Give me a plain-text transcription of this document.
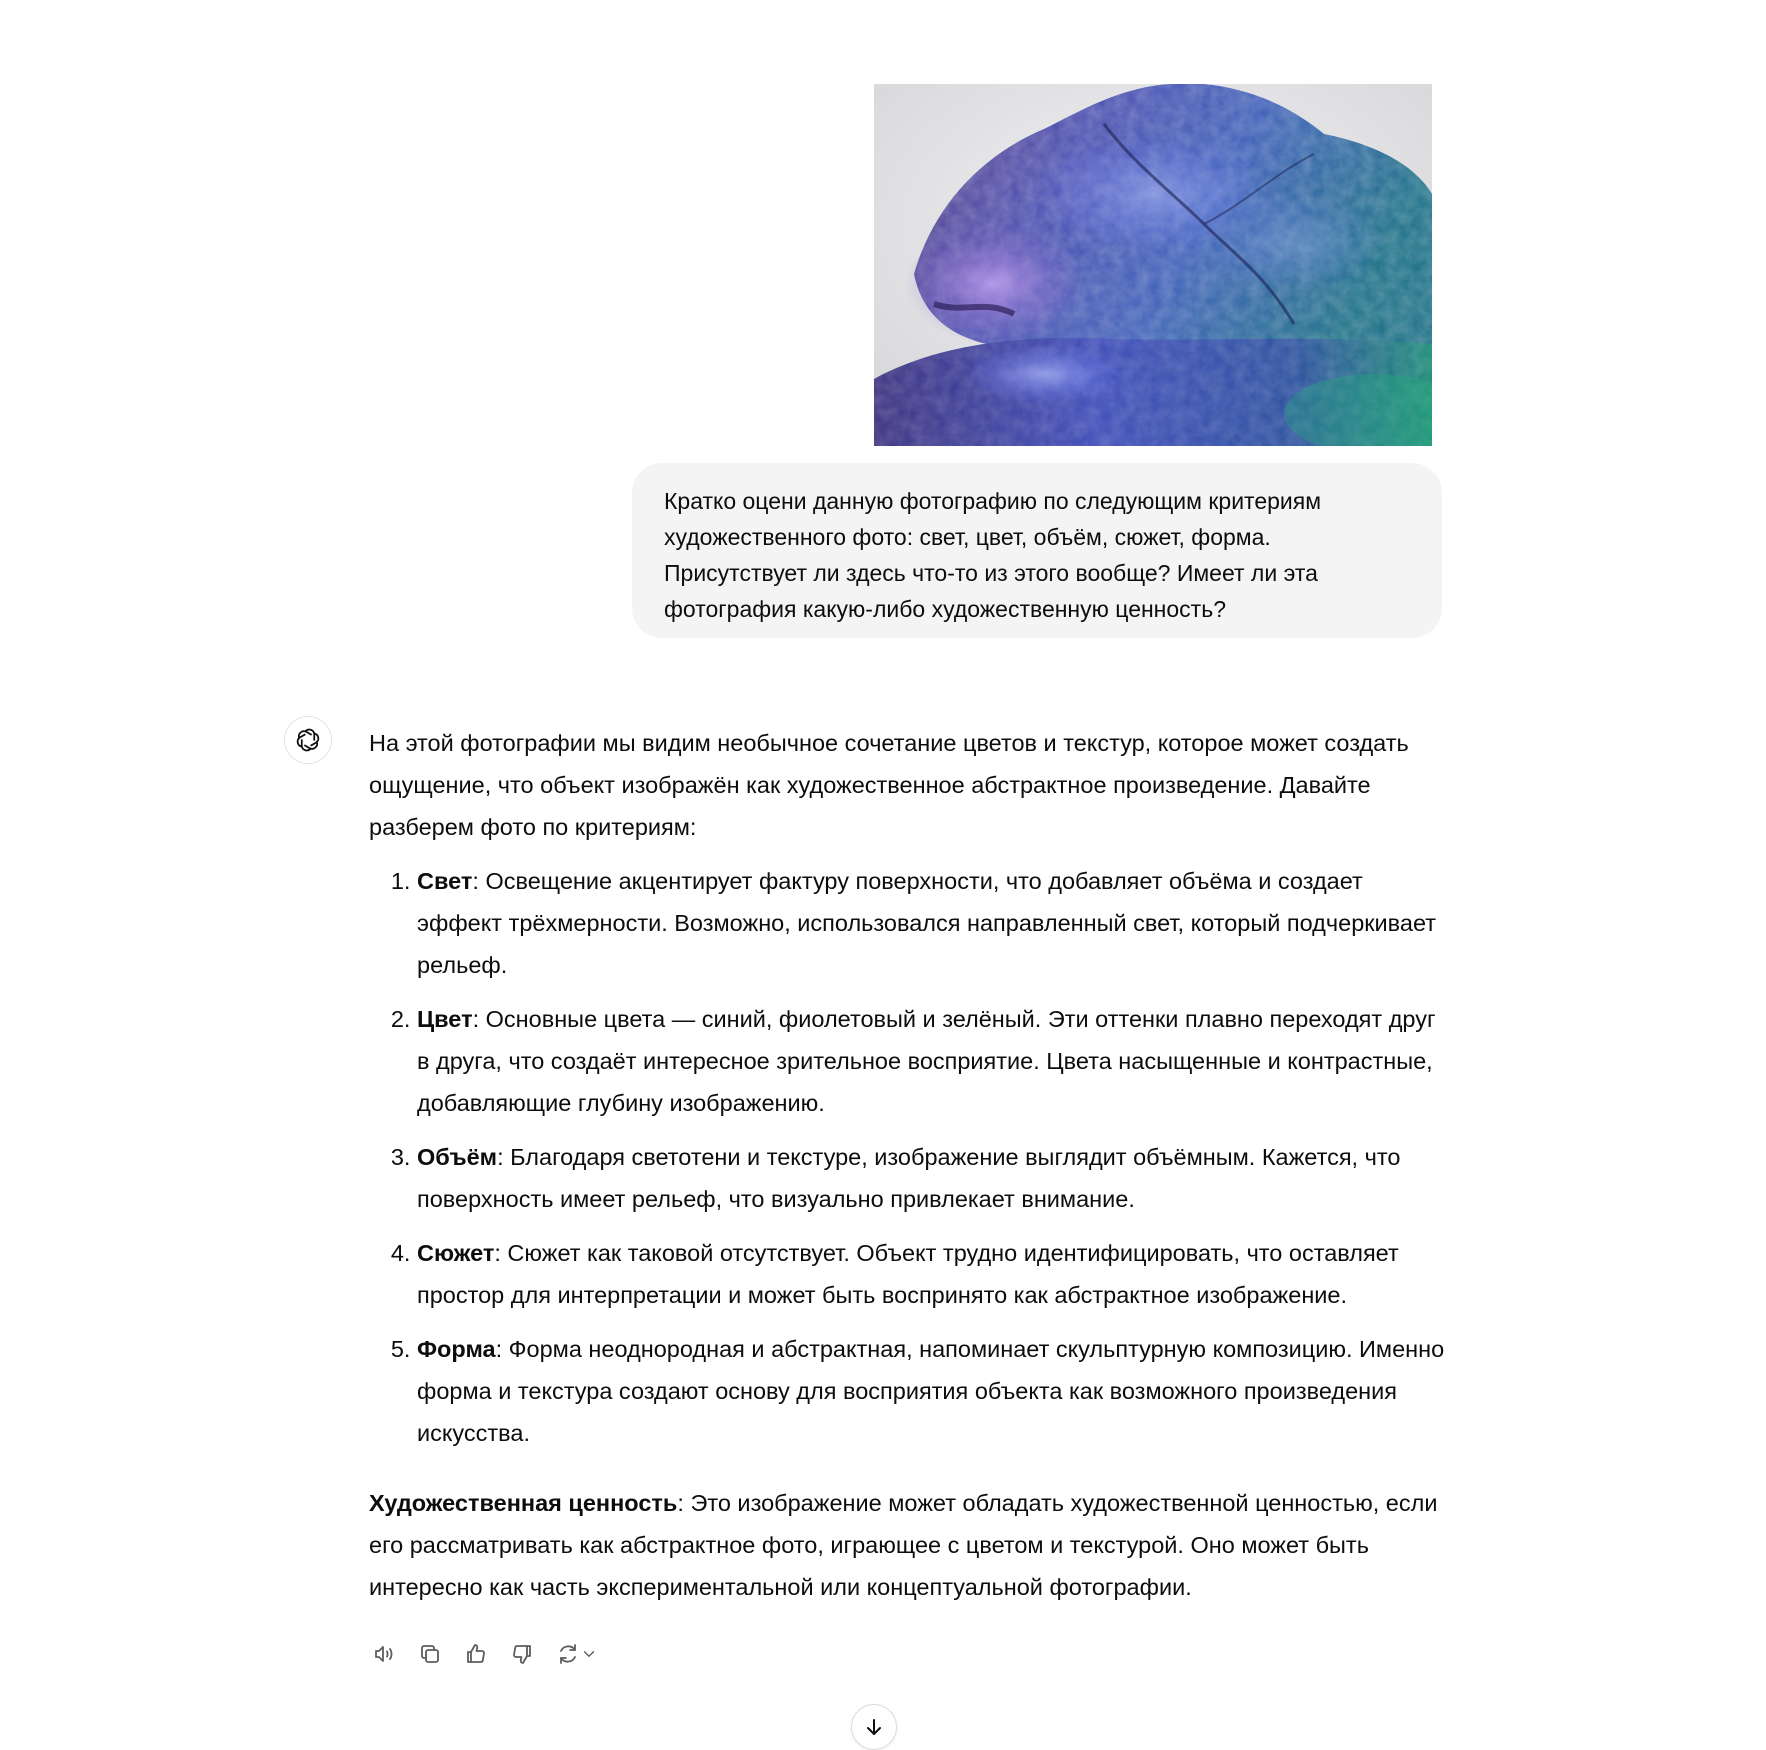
Кратко оцени данную фотографию по следующим критериям
художественного фото: свет, цвет, объём, сюжет, форма.
Присутствует ли здесь что-то из этого вообще? Имеет ли эта
фотография какую-либо художественную ценность?

На этой фотографии мы видим необычное сочетание цветов и текстур, которое может создать ощущение, что объект изображён как художественное абстрактное произведение. Давайте разберем фото по критериям:

1. Свет: Освещение акцентирует фактуру поверхности, что добавляет объёма и создает эффект трёхмерности. Возможно, использовался направленный свет, который подчеркивает рельеф.
2. Цвет: Основные цвета — синий, фиолетовый и зелёный. Эти оттенки плавно переходят друг в друга, что создаёт интересное зрительное восприятие. Цвета насыщенные и контрастные, добавляющие глубину изображению.
3. Объём: Благодаря светотени и текстуре, изображение выглядит объёмным. Кажется, что поверхность имеет рельеф, что визуально привлекает внимание.
4. Сюжет: Сюжет как таковой отсутствует. Объект трудно идентифицировать, что оставляет простор для интерпретации и может быть воспринято как абстрактное изображение.
5. Форма: Форма неоднородная и абстрактная, напоминает скульптурную композицию. Именно форма и текстура создают основу для восприятия объекта как возможного произведения искусства.

Художественная ценность: Это изображение может обладать художественной ценностью, если его рассматривать как абстрактное фото, играющее с цветом и текстурой. Оно может быть интересно как часть экспериментальной или концептуальной фотографии.
